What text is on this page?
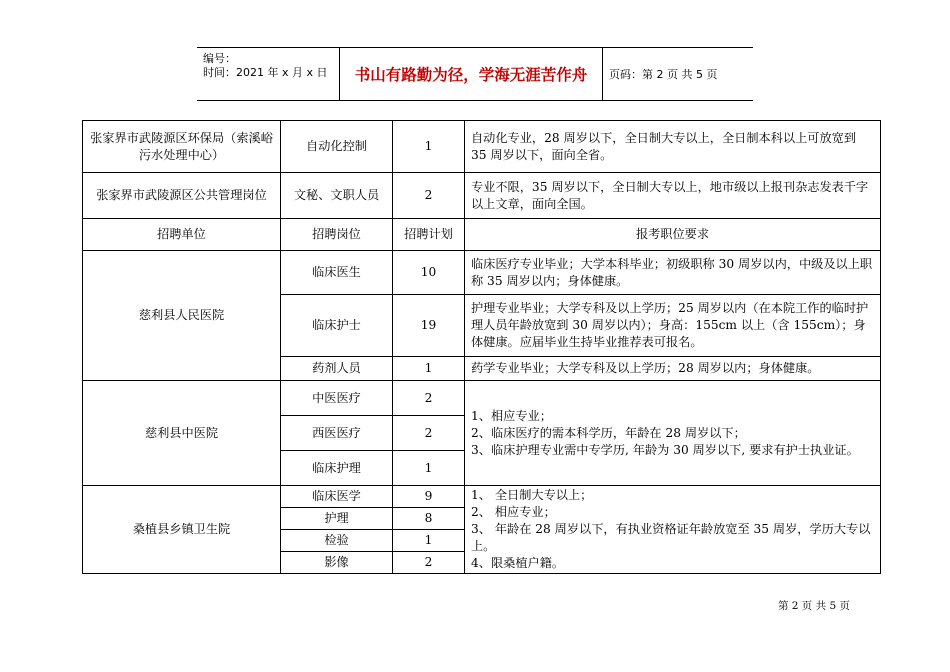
编号：
时间：2021 年 x 月 x 日	书山有路勤为径，学海无涯苦作舟	页码：第 2 页 共 5 页
张家界市武陵源区环保局（索溪峪污水处理中心）	自动化控制	1	自动化专业，28 周岁以下，全日制大专以上，全日制本科以上可放宽到 35 周岁以下，面向全省。
张家界市武陵源区公共管理岗位	文秘、文职人员	2	专业不限，35 周岁以下，全日制大专以上，地市级以上报刊杂志发表千字以上文章，面向全国。
招聘单位	招聘岗位	招聘计划	报考职位要求
慈利县人民医院	临床医生	10	临床医疗专业毕业；大学本科毕业；初级职称 30 周岁以内，中级及以上职称 35 周岁以内；身体健康。
	临床护士	19	护理专业毕业；大学专科及以上学历；25 周岁以内（在本院工作的临时护理人员年龄放宽到 30 周岁以内）；身高：155cm 以上（含 155cm）；身体健康。应届毕业生持毕业推荐表可报名。
	药剂人员	1	药学专业毕业；大学专科及以上学历；28 周岁以内；身体健康。
慈利县中医院	中医医疗	2	1、相应专业；
2、临床医疗的需本科学历，年龄在 28 周岁以下；
3、临床护理专业需中专学历, 年龄为 30 周岁以下, 要求有护士执业证。

	西医医疗	2	
	临床护理	1	
桑植县乡镇卫生院	临床医学	9	1、 全日制大专以上；
2、 相应专业；
3、 年龄在 28 周岁以下，有执业资格证年龄放宽至 35 周岁，学历大专以上。
4、限桑植户籍。

	护理	8	
	检验	1	
	影像	2	
第 2 页 共 5 页
